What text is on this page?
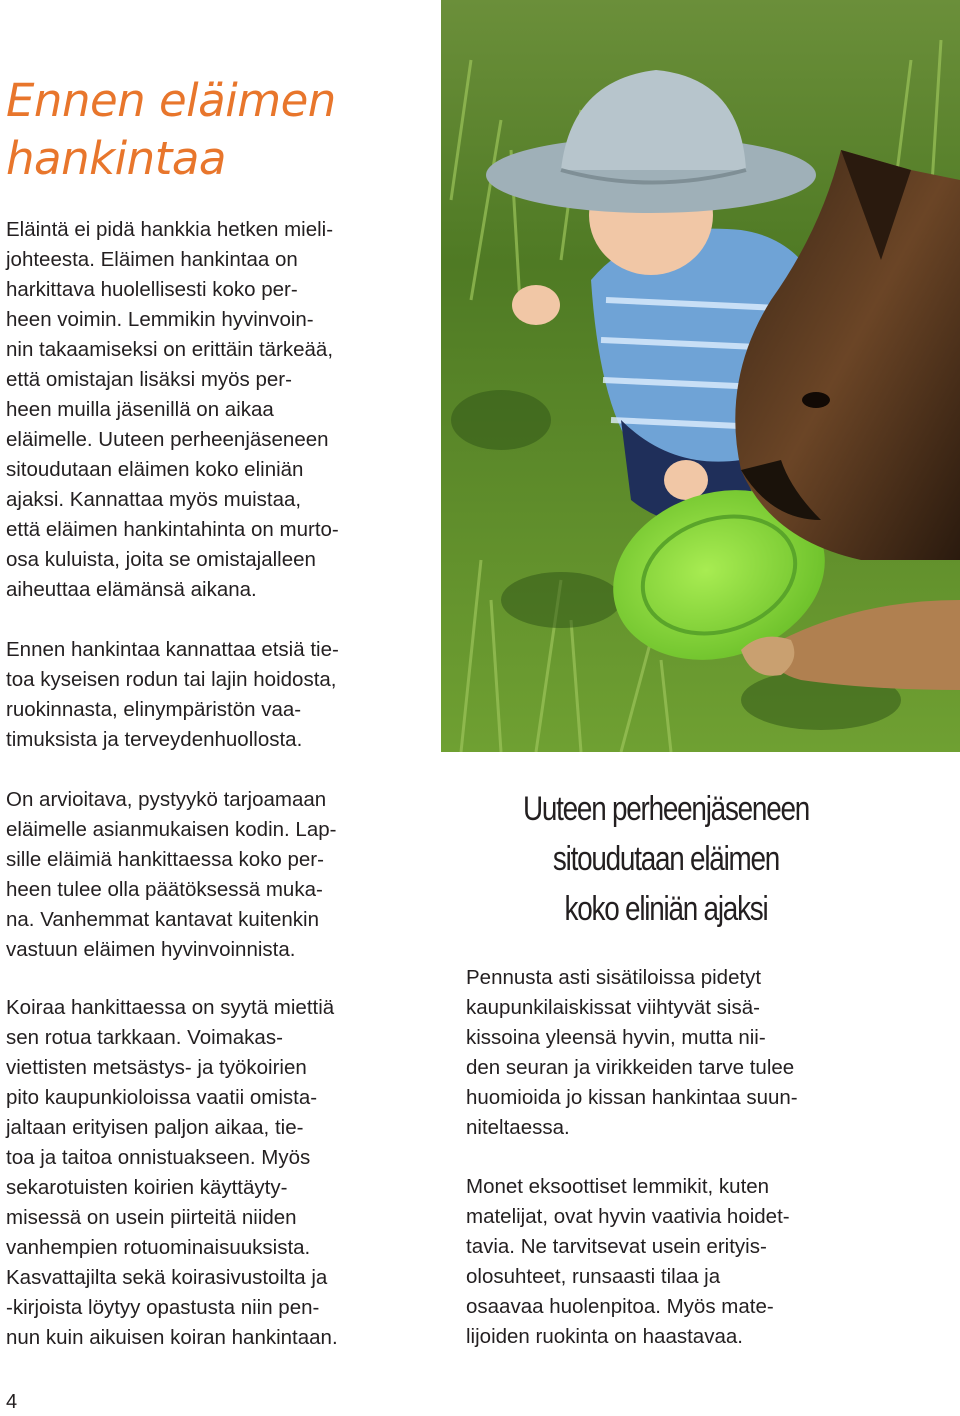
Ennen eläimen
hankintaa

Eläintä ei pidä hankkia hetken mieli-
johteesta. Eläimen hankintaa on
harkittava huolellisesti koko per-
heen voimin. Lemmikin hyvinvoin-
nin takaamiseksi on erittäin tärkeää,
että omistajan lisäksi myös per-
heen muilla jäsenillä on aikaa
eläimelle. Uuteen perheenjäseneen
sitoudutaan eläimen koko eliniän
ajaksi. Kannattaa myös muistaa,
että eläimen hankintahinta on murto-
osa kuluista, joita se omistajalleen
aiheuttaa elämänsä aikana.

Ennen hankintaa kannattaa etsiä tie-
toa kyseisen rodun tai lajin hoidosta,
ruokinnasta, elinympäristön vaa-
timuksista ja terveydenhuollosta.

On arvioitava, pystyykö tarjoamaan
eläimelle asianmukaisen kodin. Lap-
sille eläimiä hankittaessa koko per-
heen tulee olla päätöksessä muka-
na. Vanhemmat kantavat kuitenkin
vastuun eläimen hyvinvoinnista.

Koiraa hankittaessa on syytä miettiä
sen rotua tarkkaan. Voimakas-
viettisten metsästys- ja työkoirien
pito kaupunkioloissa vaatii omista-
jaltaan erityisen paljon aikaa, tie-
toa ja taitoa onnistuakseen. Myös
sekarotuisten koirien käyttäyty-
misessä on usein piirteitä niiden
vanhempien rotuominaisuuksista.
Kasvattajilta sekä koirasivustoilta ja
-kirjoista löytyy opastusta niin pen-
nun kuin aikuisen koiran hankintaan.

Uuteen perheenjäseneen
sitoudutaan eläimen
koko eliniän ajaksi

Pennusta asti sisätiloissa pidetyt
kaupunkilaiskissat viihtyvät sisä-
kissoina yleensä hyvin, mutta nii-
den seuran ja virikkeiden tarve tulee
huomioida jo kissan hankintaa suun-
niteltaessa.

Monet eksoottiset lemmikit, kuten
matelijat, ovat hyvin vaativia hoidet-
tavia. Ne tarvitsevat usein erityis-
olosuhteet, runsaasti tilaa ja
osaavaa huolenpitoa. Myös mate-
lijoiden ruokinta on haastavaa.

4
